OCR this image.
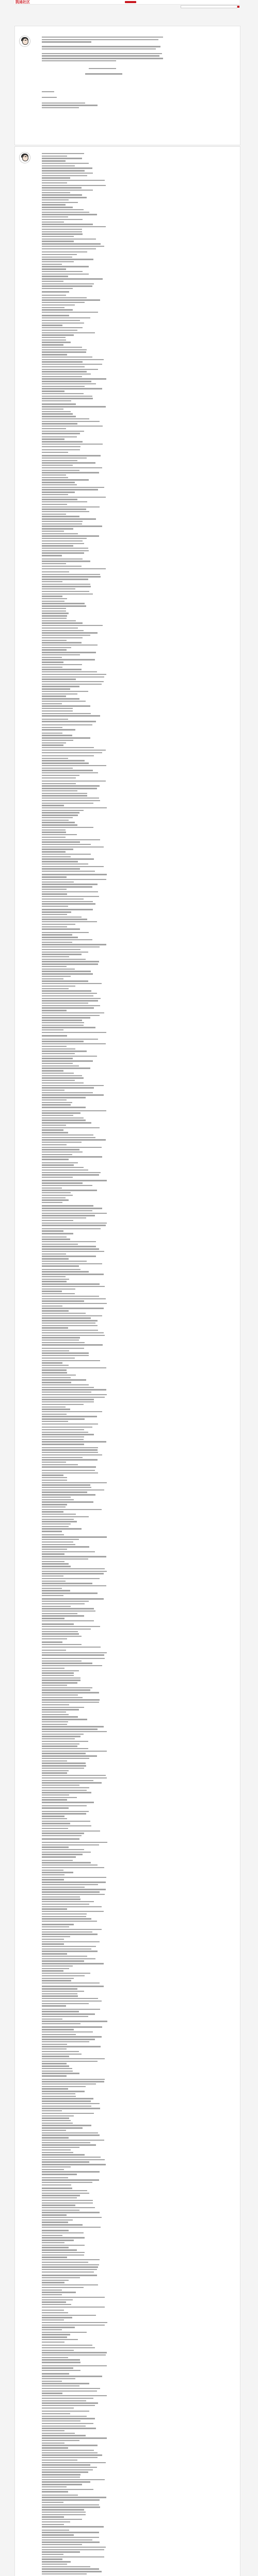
凯迪社区
